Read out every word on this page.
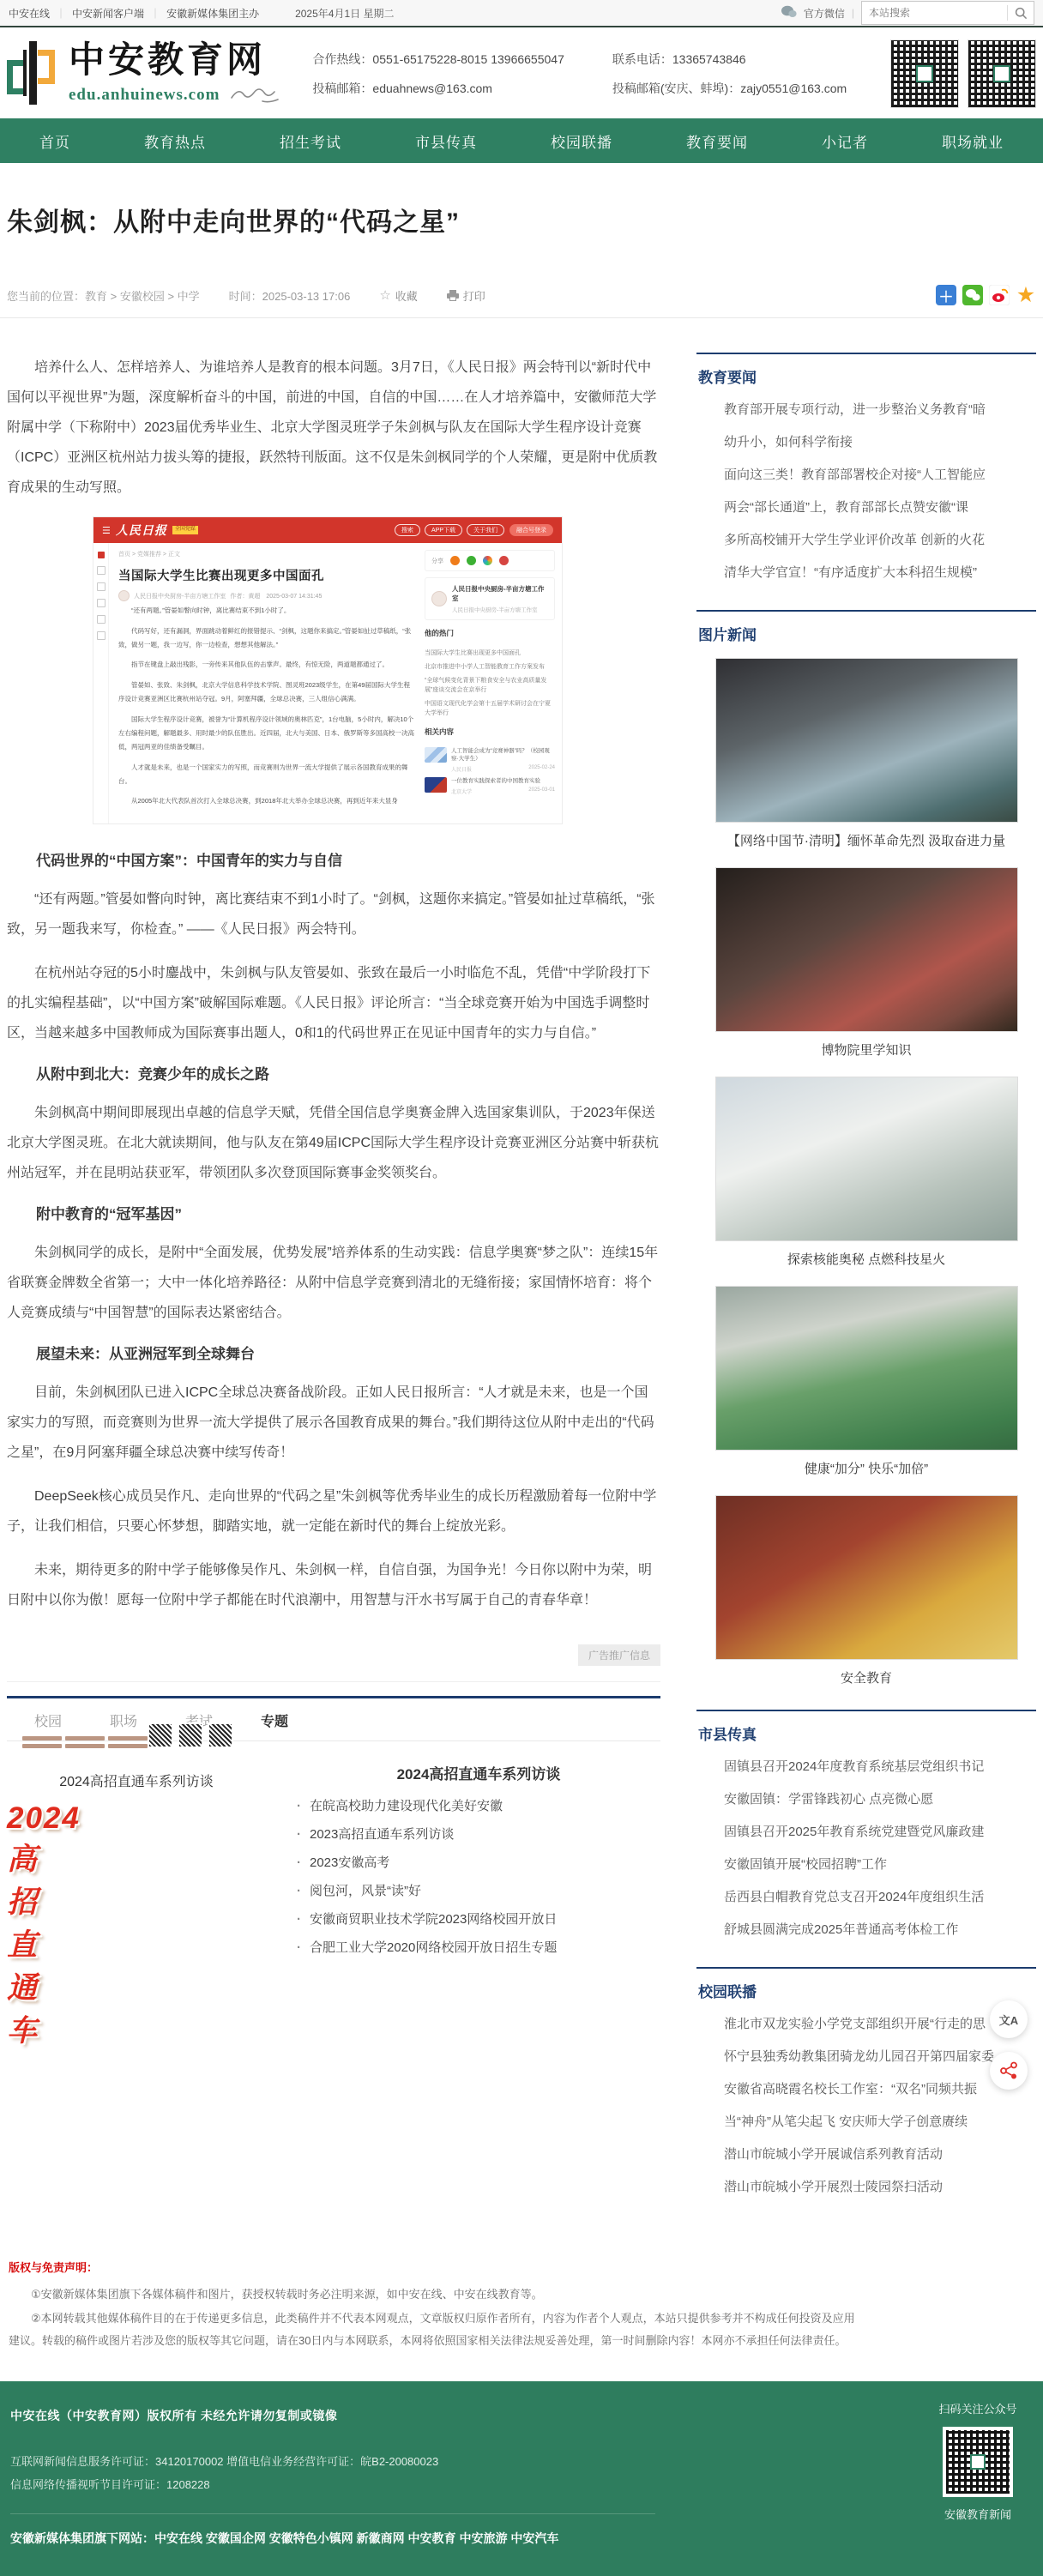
中安在线 ｜	中安新闻客户端 ｜	安徽新媒体集团主办	2025年4月1日 星期二	官方微信 |
本站搜索
中安教育网
edu.anhuinews.com
合作热线：0551-65175228-8015 13966655047
投稿邮箱：eduahnews@163.com
联系电话：13365743846
投稿邮箱(安庆、蚌埠)：zajy0551@163.com
首页	教育热点	招生考试	市县传真	校园联播	教育要闻	小记者	职场就业
朱剑枫：从附中走向世界的“代码之星”
您当前的位置： 教育 > 安徽校园 > 中学	时间：2025-03-13 17:06 ☆ 收藏	打印	＋	★

培养什么人、怎样培养人、为谁培养人是教育的根本问题。3月7日，《人民日报》两会特刊以“新时代中国何以平视世界”为题，深度解析奋斗的中国，前进的中国，自信的中国……在人才培养篇中，安徽师范大学附属中学（下称附中）2023届优秀毕业生、北京大学图灵班学子朱剑枫与队友在国际大学生程序设计竞赛（ICPC）亚洲区杭州站力拔头筹的捷报，跃然特刊版面。这不仅是朱剑枫同学的个人荣耀，更是附中优质教育成果的生动写照。

☰ 人民日报	全国党媒	搜索	APP下载	关于我们	融合号登录
首页 > 党媒推荐 > 正文
当国际大学生比赛出现更多中国面孔
人民日报中央厨房-半亩方塘工作室 作者：黄超　2025-03-07 14:31:45

“还有两题。”管晏如瞥向时钟，离比赛结束不到1小时了。

代码写好，还有漏洞，界面跳动着鲜红的报错提示、“剑枫，这题你来搞定。”管晏如扯过草稿纸，“张致，做另一题，我一边写，你一边检查，想想其他解法。”

指节在键盘上敲出残影，一旁传来其他队伍的击掌声。最终，有惊无险，两道题都通过了。

管晏如、张致、朱剑枫，北京大学信息科学技术学院、图灵班2023级学生，在第49届国际大学生程序设计竞赛亚洲区比赛杭州站夺冠。9月，阿塞拜疆，全球总决赛，三人组信心满满。

国际大学生程序设计竞赛，被誉为“计算机程序设计领域的奥林匹克”，1台电脑，5小时内，解决10个左右编程问题，解题最多、用时最少的队伍胜出。近四届，北大与美国、日本、俄罗斯等多国高校一决高低，两冠两亚的佳绩备受瞩目。

人才就是未来，也是一个国家实力的写照，而竞赛则为世界一流大学提供了展示各国教育成果的舞台。

从2005年北大代表队首次打入全球总决赛，到2018年北大举办全球总决赛，再到近年来大显身

分享
人民日报中央厨房-半亩方塘工作室
人民日报中央厨房-半亩方塘工作室
他的热门
当国际大学生比赛出现更多中国面孔
北京市推进中小学人工智能教育工作方案发布
“全球气候变化背景下粮食安全与农业高质量发展”座谈交流会在京举行
中国语文现代化学会第十五届学术研讨会在宁夏大学举行
相关内容
人工智能会成为“竞赛神器”吗？（校园观察·大学生）
人民日报	2025-02-24
一位教育实践探索者的中国教育实验
北京大学	2025-03-01
代码世界的“中国方案”：中国青年的实力与自信
“还有两题。”管晏如瞥向时钟，离比赛结束不到1小时了。“剑枫，这题你来搞定。”管晏如扯过草稿纸，“张致，另一题我来写，你检查。” ——《人民日报》两会特刊。
在杭州站夺冠的5小时鏖战中，朱剑枫与队友管晏如、张致在最后一小时临危不乱，凭借“中学阶段打下的扎实编程基础”，以“中国方案”破解国际难题。《人民日报》评论所言：“当全球竞赛开始为中国选手调整时区，当越来越多中国教师成为国际赛事出题人，0和1的代码世界正在见证中国青年的实力与自信。”
从附中到北大：竞赛少年的成长之路
朱剑枫高中期间即展现出卓越的信息学天赋，凭借全国信息学奥赛金牌入选国家集训队，于2023年保送北京大学图灵班。在北大就读期间，他与队友在第49届ICPC国际大学生程序设计竞赛亚洲区分站赛中斩获杭州站冠军，并在昆明站获亚军，带领团队多次登顶国际赛事金奖领奖台。
附中教育的“冠军基因”
朱剑枫同学的成长，是附中“全面发展，优势发展”培养体系的生动实践：信息学奥赛“梦之队”：连续15年省联赛金牌数全省第一；大中一体化培养路径：从附中信息学竞赛到清北的无缝衔接；家国情怀培育：将个人竞赛成绩与“中国智慧”的国际表达紧密结合。
展望未来：从亚洲冠军到全球舞台
目前，朱剑枫团队已进入ICPC全球总决赛备战阶段。正如人民日报所言：“人才就是未来，也是一个国家实力的写照，而竞赛则为世界一流大学提供了展示各国教育成果的舞台。”我们期待这位从附中走出的“代码之星”，在9月阿塞拜疆全球总决赛中续写传奇！
DeepSeek核心成员吴作凡、走向世界的“代码之星”朱剑枫等优秀毕业生的成长历程激励着每一位附中学子，让我们相信，只要心怀梦想，脚踏实地，就一定能在新时代的舞台上绽放光彩。
未来，期待更多的附中学子能够像吴作凡、朱剑枫一样，自信自强，为国争光！今日你以附中为荣，明日附中以你为傲！愿每一位附中学子都能在时代浪潮中，用智慧与汗水书写属于自己的青春华章！
广告推广信息
校园	职场	专题
2024高招直通车系列访谈	2024高招直通车系列访谈
· 在皖高校助力建设现代化美好安徽
· 2023高招直通车系列访谈
· 2023安徽高考
· 阅包河，风景“读”好
· 安徽商贸职业技术学院2023网络校园开放日
· 合肥工业大学2020网络校园开放日招生专题
教育要闻
教育部开展专项行动，进一步整治义务教育“暗
幼升小，如何科学衔接
面向这三类！教育部部署校企对接“人工智能应
两会“部长通道”上，教育部部长点赞安徽“课
多所高校铺开大学生学业评价改革 创新的火花
清华大学官宣！“有序适度扩大本科招生规模”
图片新闻
【网络中国节·清明】缅怀革命先烈 汲取奋进力量
博物院里学知识
探索核能奥秘 点燃科技星火
健康“加分” 快乐“加倍”
安全教育
市县传真
固镇县召开2024年度教育系统基层党组织书记
安徽固镇：学雷锋践初心 点亮微心愿
固镇县召开2025年教育系统党建暨党风廉政建
安徽固镇开展“校园招聘”工作
岳西县白帽教育党总支召开2024年度组织生活
舒城县圆满完成2025年普通高考体检工作
校园联播
淮北市双龙实验小学党支部组织开展“行走的思
怀宁县独秀幼教集团骑龙幼儿园召开第四届家委
安徽省高晓霞名校长工作室：“双名”同频共振
当“神舟”从笔尖起飞 安庆师大学子创意赓续
潜山市皖城小学开展诚信系列教育活动
潜山市皖城小学开展烈士陵园祭扫活动
版权与免责声明：

①安徽新媒体集团旗下各媒体稿件和图片，获授权转载时务必注明来源，如中安在线、中安在线教育等。

②本网转载其他媒体稿件目的在于传递更多信息，此类稿件并不代表本网观点，文章版权归原作者所有，内容为作者个人观点，本站只提供参考并不构成任何投资及应用建议。转载的稿件或图片若涉及您的版权等其它问题，请在30日内与本网联系，本网将依照国家相关法律法规妥善处理，第一时间删除内容！本网亦不承担任何法律责任。

中安在线（中安教育网）版权所有 未经允许请勿复制或镜像
互联网新闻信息服务许可证：34120170002 增值电信业务经营许可证：皖B2-20080023
信息网络传播视听节目许可证：1208228
安徽新媒体集团旗下网站：中安在线 安徽国企网 安徽特色小镇网 新徽商网 中安教育 中安旅游 中安汽车
扫码关注公众号
安徽教育新闻
文A
